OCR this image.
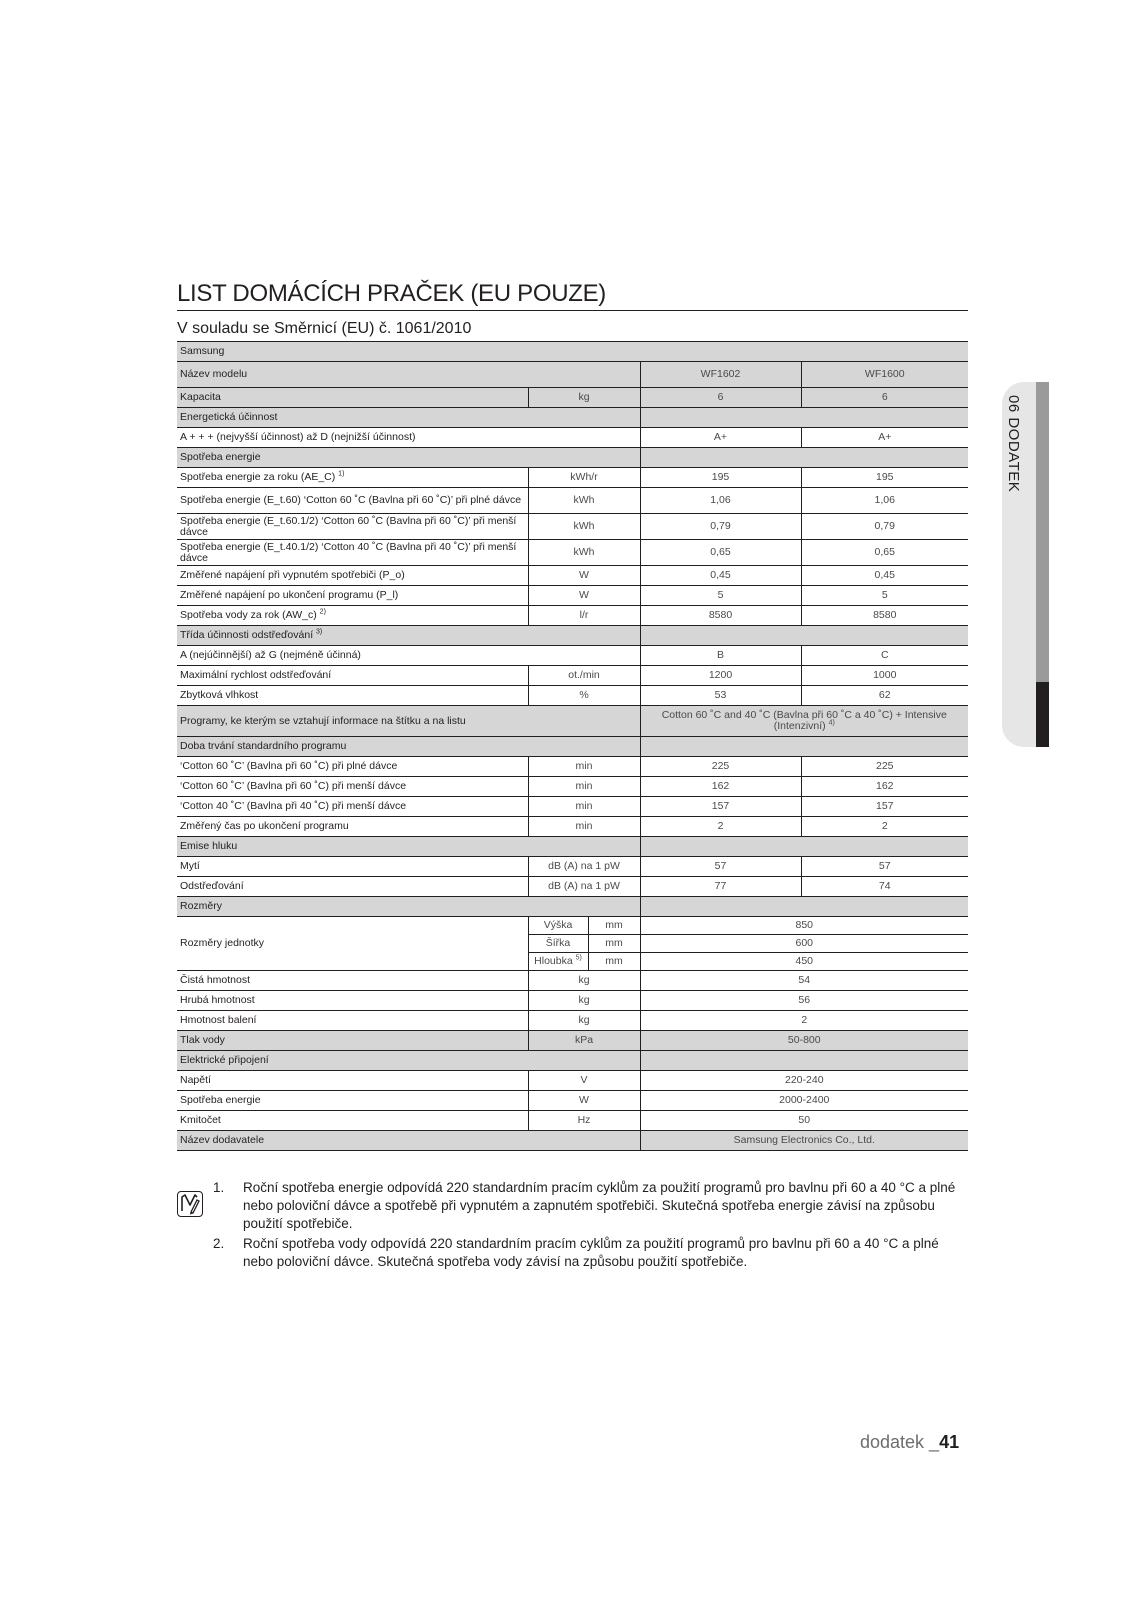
LIST DOMÁCÍCH PRAČEK (EU POUZE)
V souladu se Směrnicí (EU) č. 1061/2010
Samsung				
Název modelu			WF1602	WF1600
Kapacita	kg		6	6
Energetická účinnost				
A + + + (nejvyšší účinnost) až D (nejnižší účinnost)			A+	A+
Spotřeba energie				
Spotřeba energie za roku (AE_C) $^{1)}$	kWh/r		195	195
Spotřeba energie (E_t.60) ‘Cotton 60 ˚C (Bavlna při 60 ˚C)’ při plné dávce	kWh		1,06	1,06
Spotřeba energie (E_t.60.1/2) ‘Cotton 60 ˚C (Bavlna při 60 ˚C)’ při menší dávce	kWh		0,79	0,79
Spotřeba energie (E_t.40.1/2) ‘Cotton 40 ˚C (Bavlna při 40 ˚C)’ při menší dávce	kWh		0,65	0,65
Změřené napájení při vypnutém spotřebiči (P_o)	W		0,45	0,45
Změřené napájení po ukončení programu (P_l)	W		5	5
Spotřeba vody za rok (AW_c) $^{2)}$	l/r		8580	8580
Třída účinnosti odstřeďování $^{3)}$	
A (nejúčinnější) až G (nejméně účinná)			B	C
Maximální rychlost odstřeďování	ot./min		1200	1000
Zbytková vlhkost	%		53	62
Programy, ke kterým se vztahují informace na štítku a na listu			Cotton 60 ˚C and 40 ˚C (Bavlna při 60 ˚C a 40 ˚C) + Intensive (Intenzivní) $^{4)}$
Doba trvání standardního programu				
‘Cotton 60 ˚C’ (Bavlna při 60 ˚C) při plné dávce	min		225	225
‘Cotton 60 ˚C’ (Bavlna při 60 ˚C) při menší dávce	min		162	162
‘Cotton 40 ˚C’ (Bavlna při 40 ˚C) při menší dávce	min		157	157
Změřený čas po ukončení programu	min		2	2
Emise hluku				
Mytí	dB (A) na 1 pW		57	57
Odstřeďování	dB (A) na 1 pW		77	74
Rozměry				
Rozměry jednotky	Výška	mm	850	
	Šířka	mm	600	
	Hloubka $^{5)}$	mm	450	
Čistá hmotnost	kg		54	
Hrubá hmotnost	kg		56	
Hmotnost balení	kg		2	
Tlak vody	kPa		50-800	
Elektrické připojení				
Napětí	V		220-240	
Spotřeba energie	W		2000-2400	
Kmitočet	Hz		50	
Název dodavatele			Samsung Electronics Co., Ltd.	
1. Roční spotřeba energie odpovídá 220 standardním pracím cyklům za použití programů pro bavlnu při 60 a 40 °C a plné nebo poloviční dávce a spotřebě při vypnutém a zapnutém spotřebiči. Skutečná spotřeba energie závisí na způsobu použití spotřebiče.
2. Roční spotřeba vody odpovídá 220 standardním pracím cyklům za použití programů pro bavlnu při 60 a 40 °C a plné nebo poloviční dávce. Skutečná spotřeba vody závisí na způsobu použití spotřebiče.
06 DODATEK
dodatek _41
